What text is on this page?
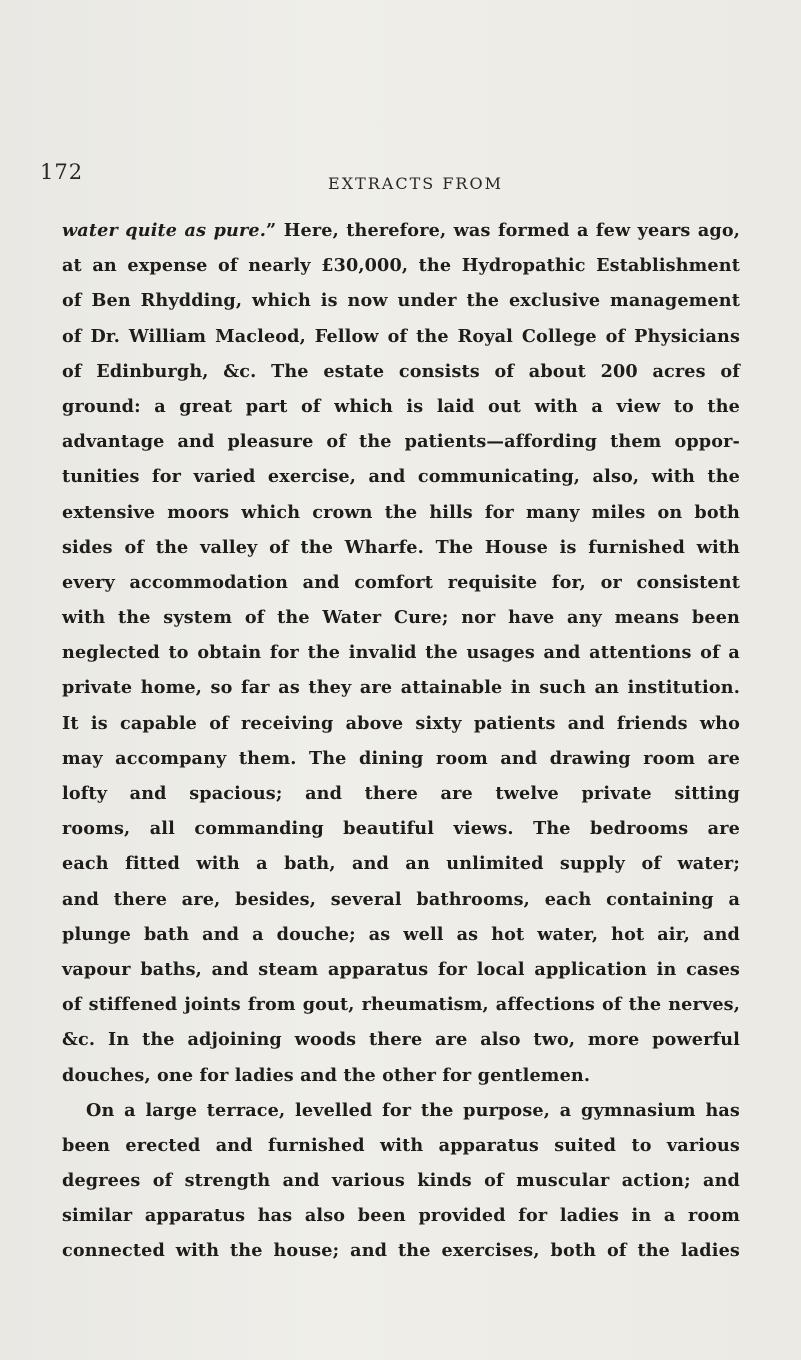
172	EXTRACTS FROM
water quite as pure.” Here, therefore, was formed a few years ago,
at an expense of nearly £30,000, the Hydropathic Establishment
of Ben Rhydding, which is now under the exclusive management
of Dr. William Macleod, Fellow of the Royal College of Physicians
of Edinburgh, &c. The estate consists of about 200 acres of
ground: a great part of which is laid out with a view to the
advantage and pleasure of the patients—affording them oppor-
tunities for varied exercise, and communicating, also, with the
extensive moors which crown the hills for many miles on both
sides of the valley of the Wharfe. The House is furnished with
every accommodation and comfort requisite for, or consistent
with the system of the Water Cure; nor have any means been
neglected to obtain for the invalid the usages and attentions of a
private home, so far as they are attainable in such an institution.
It is capable of receiving above sixty patients and friends who
may accompany them. The dining room and drawing room are
lofty and spacious; and there are twelve private sitting
rooms, all commanding beautiful views. The bedrooms are
each fitted with a bath, and an unlimited supply of water;
and there are, besides, several bathrooms, each containing a
plunge bath and a douche; as well as hot water, hot air, and
vapour baths, and steam apparatus for local application in cases
of stiffened joints from gout, rheumatism, affections of the nerves,
&c. In the adjoining woods there are also two, more powerful
douches, one for ladies and the other for gentlemen.
On a large terrace, levelled for the purpose, a gymnasium has
been erected and furnished with apparatus suited to various
degrees of strength and various kinds of muscular action; and
similar apparatus has also been provided for ladies in a room
connected with the house; and the exercises, both of the ladies
